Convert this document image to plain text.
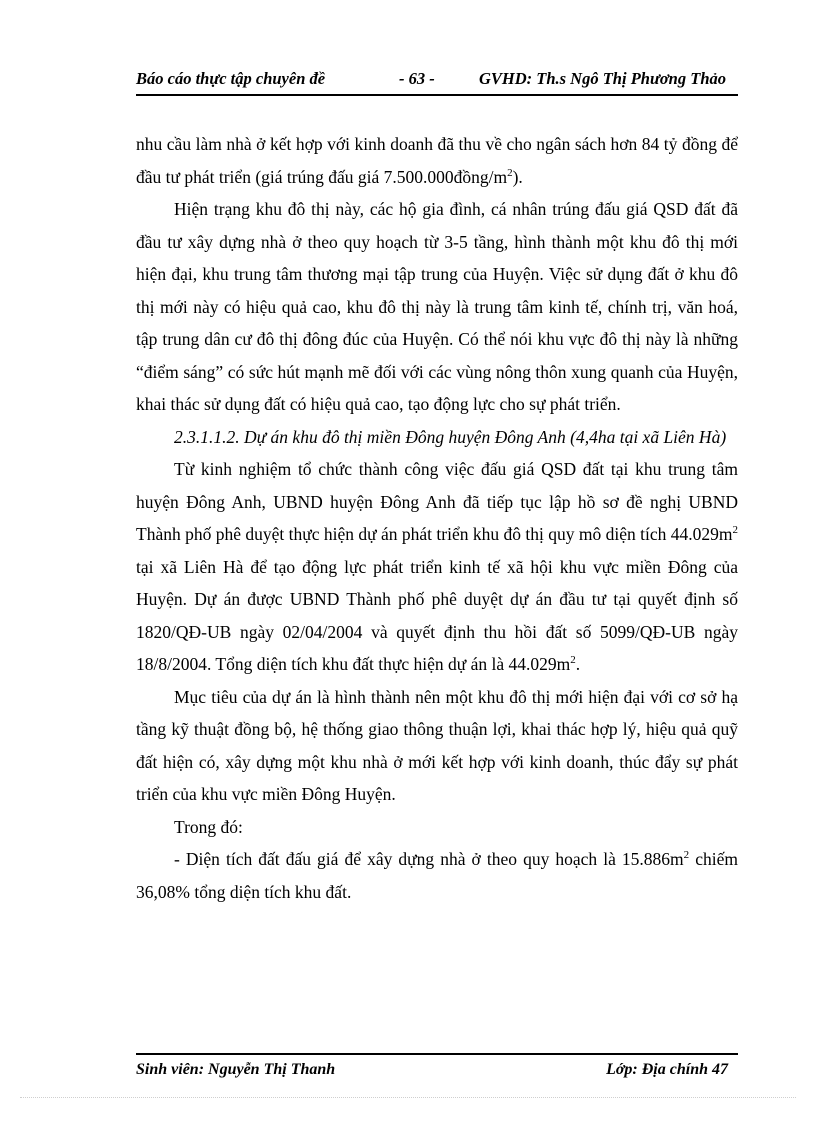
Báo cáo thực tập chuyên đề	- 63 -	GVHD: Th.s Ngô Thị Phương Thảo

nhu cầu làm nhà ở kết hợp với kinh doanh đã thu về cho ngân sách hơn 84 tỷ đồng để đầu tư phát triển (giá trúng đấu giá $7.500.000đồng/m^2$).

Hiện trạng khu đô thị này, các hộ gia đình, cá nhân trúng đấu giá QSD đất đã đầu tư xây dựng nhà ở theo quy hoạch từ 3-5 tầng, hình thành một khu đô thị mới hiện đại, khu trung tâm thương mại tập trung của Huyện. Việc sử dụng đất ở khu đô thị mới này có hiệu quả cao, khu đô thị này là trung tâm kinh tế, chính trị, văn hoá, tập trung dân cư đô thị đông đúc của Huyện. Có thể nói khu vực đô thị này là những “điểm sáng” có sức hút mạnh mẽ đối với các vùng nông thôn xung quanh của Huyện, khai thác sử dụng đất có hiệu quả cao, tạo động lực cho sự phát triển.

2.3.1.1.2. Dự án khu đô thị miền Đông huyện Đông Anh (4,4ha tại xã Liên Hà)

Từ kinh nghiệm tổ chức thành công việc đấu giá QSD đất tại khu trung tâm huyện Đông Anh, UBND huyện Đông Anh đã tiếp tục lập hồ sơ đề nghị UBND Thành phố phê duyệt thực hiện dự án phát triển khu đô thị quy mô diện tích $44.029m^2$ tại xã Liên Hà để tạo động lực phát triển kinh tế xã hội khu vực miền Đông của Huyện. Dự án được UBND Thành phố phê duyệt dự án đầu tư tại quyết định số 1820/QĐ-UB ngày 02/04/2004 và quyết định thu hồi đất số 5099/QĐ-UB ngày 18/8/2004. Tổng diện tích khu đất thực hiện dự án là $44.029m^2$.

Mục tiêu của dự án là hình thành nên một khu đô thị mới hiện đại với cơ sở hạ tầng kỹ thuật đồng bộ, hệ thống giao thông thuận lợi, khai thác hợp lý, hiệu quả quỹ đất hiện có, xây dựng một khu nhà ở mới kết hợp với kinh doanh, thúc đẩy sự phát triển của khu vực miền Đông Huyện.

Trong đó:

- Diện tích đất đấu giá để xây dựng nhà ở theo quy hoạch là $15.886m^2$ chiếm 36,08% tổng diện tích khu đất.

Sinh viên: Nguyễn Thị Thanh	Lớp: Địa chính 47
